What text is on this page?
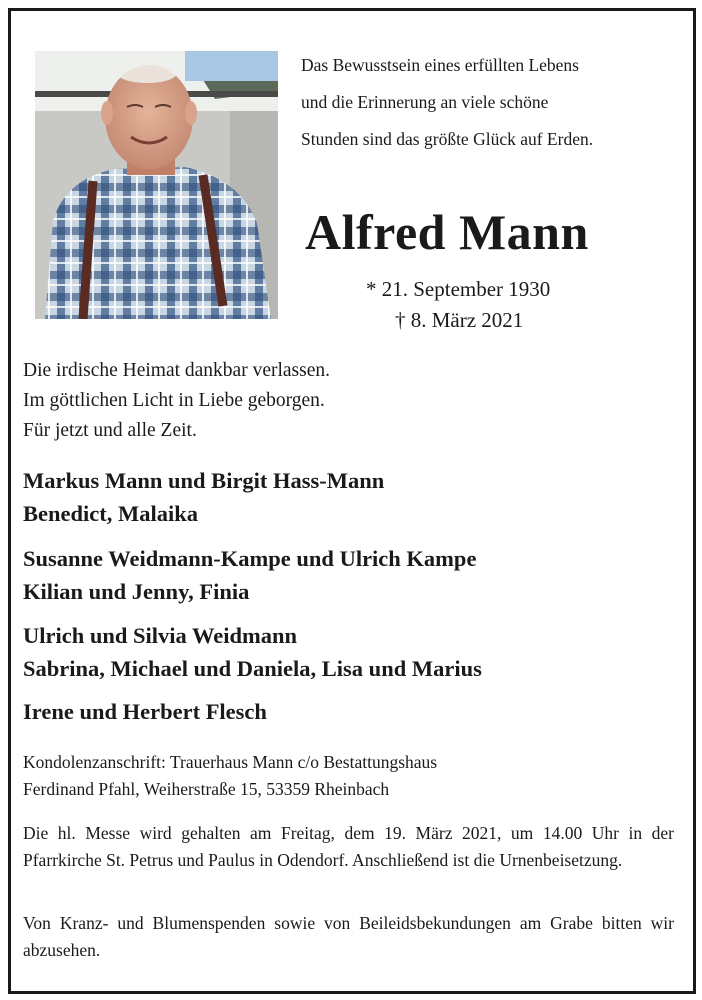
Das Bewusstsein eines erfüllten Lebens
und die Erinnerung an viele schöne
Stunden sind das größte Glück auf Erden.
Alfred Mann
* 21. September 1930
† 8. März 2021
Die irdische Heimat dankbar verlassen.
Im göttlichen Licht in Liebe geborgen.
Für jetzt und alle Zeit.
Markus Mann und Birgit Hass-Mann
Benedict, Malaika
Susanne Weidmann-Kampe und Ulrich Kampe
Kilian und Jenny, Finia
Ulrich und Silvia Weidmann
Sabrina, Michael und Daniela, Lisa und Marius
Irene und Herbert Flesch
Kondolenzanschrift: Trauerhaus Mann c/o Bestattungshaus
Ferdinand Pfahl, Weiherstraße 15, 53359 Rheinbach
Die hl. Messe wird gehalten am Freitag, dem 19. März 2021, um 14.00 Uhr in der Pfarrkirche St. Petrus und Paulus in Odendorf. Anschließend ist die Urnenbeisetzung.
Von Kranz- und Blumenspenden sowie von Beileidsbekundungen am Grabe bitten wir abzusehen.
